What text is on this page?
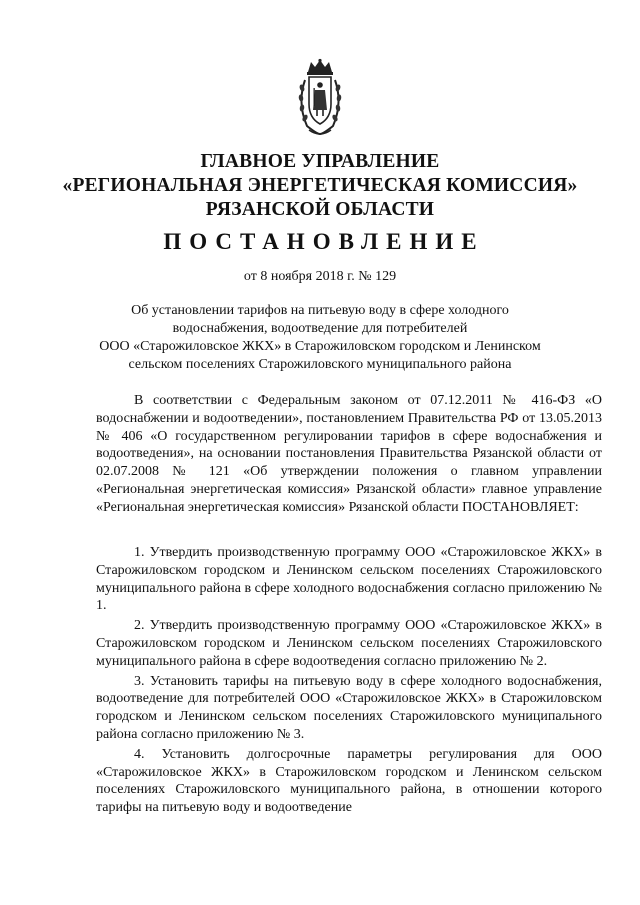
ГЛАВНОЕ УПРАВЛЕНИЕ
«РЕГИОНАЛЬНАЯ ЭНЕРГЕТИЧЕСКАЯ КОМИССИЯ»
РЯЗАНСКОЙ ОБЛАСТИ
ПОСТАНОВЛЕНИЕ
от 8 ноября 2018 г. № 129
Об установлении тарифов на питьевую воду в сфере холодного
водоснабжения, водоотведение для потребителей
ООО «Старожиловское ЖКХ» в Старожиловском городском и Ленинском
сельском поселениях Старожиловского муниципального района
В соответствии с Федеральным законом от 07.12.2011 № 416-ФЗ «О водоснабжении и водоотведении», постановлением Правительства РФ от 13.05.2013 № 406 «О государственном регулировании тарифов в сфере водоснабжения и водоотведения», на основании постановления Правительства Рязанской области от 02.07.2008 № 121 «Об утверждении положения о главном управлении «Региональная энергетическая комиссия» Рязанской области» главное управление «Региональная энергетическая комиссия» Рязанской области ПОСТАНОВЛЯЕТ:

1. Утвердить производственную программу ООО «Старожиловское ЖКХ» в Старожиловском городском и Ленинском сельском поселениях Старожиловского муниципального района в сфере холодного водоснабжения согласно приложению № 1.

2. Утвердить производственную программу ООО «Старожиловское ЖКХ» в Старожиловском городском и Ленинском сельском поселениях Старожиловского муниципального района в сфере водоотведения согласно приложению № 2.

3. Установить тарифы на питьевую воду в сфере холодного водоснабжения, водоотведение для потребителей ООО «Старожиловское ЖКХ» в Старожиловском городском и Ленинском сельском поселениях Старожиловского муниципального района согласно приложению № 3.

4. Установить долгосрочные параметры регулирования для ООО «Старожиловское ЖКХ» в Старожиловском городском и Ленинском сельском поселениях Старожиловского муниципального района, в отношении которого тарифы на питьевую воду и водоотведение
